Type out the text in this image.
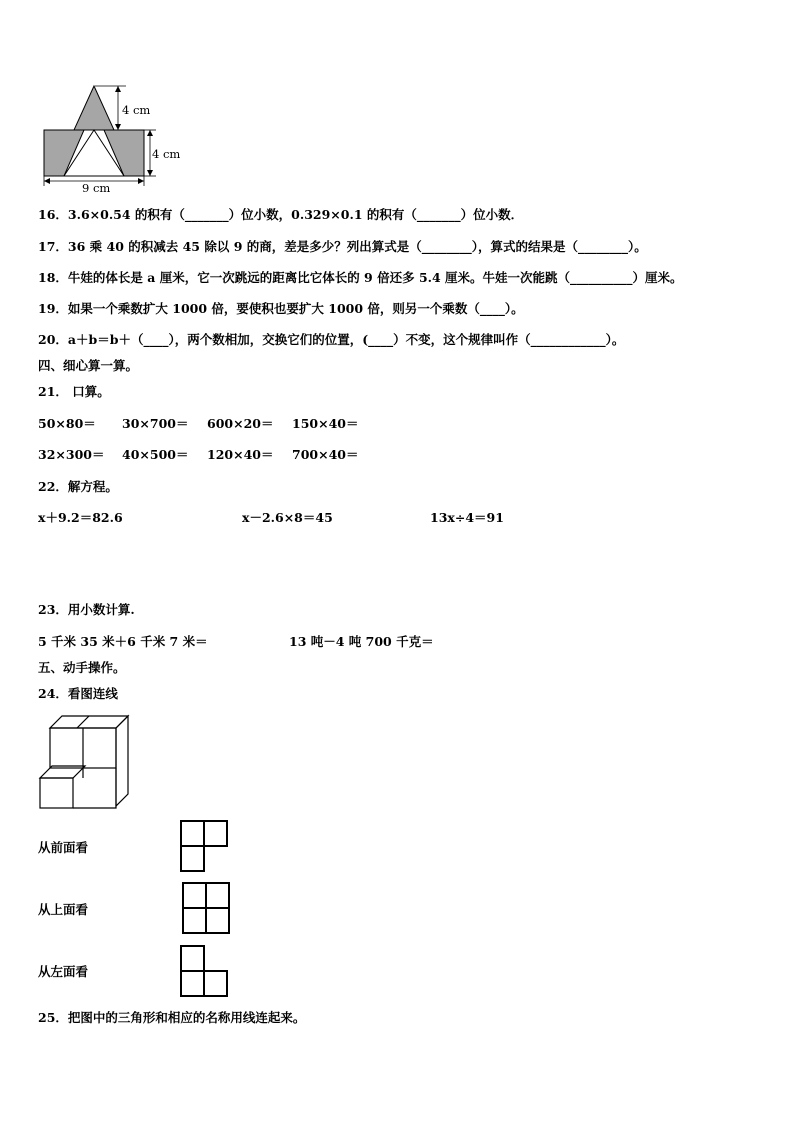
4 cm
4 cm
9 cm
16．3.6×0.54 的积有（_______）位小数，0.329×0.1 的积有（_______）位小数．
17．36 乘 40 的积减去 45 除以 9 的商，差是多少？列出算式是（________），算式的结果是（________）。
18．牛娃的体长是 a 厘米，它一次跳远的距离比它体长的 9 倍还多 5.4 厘米。牛娃一次能跳（__________）厘米。
19．如果一个乘数扩大 1000 倍，要使积也要扩大 1000 倍，则另一个乘数（____）。
20．a＋b＝b＋（____），两个数相加，交换它们的位置，(____）不变，这个规律叫作（____________）。
四、细心算一算。
21． 口算。
50×80＝ 30×700＝ 600×20＝ 150×40＝
32×300＝ 40×500＝ 120×40＝ 700×40＝
22．解方程。
x＋9.2＝82.6	x－2.6×8＝45	13x÷4＝91
23．用小数计算.
5 千米 35 米＋6 千米 7 米＝	13 吨－4 吨 700 千克＝
五、动手操作。
24．看图连线
从前面看
从上面看
从左面看
25．把图中的三角形和相应的名称用线连起来。
